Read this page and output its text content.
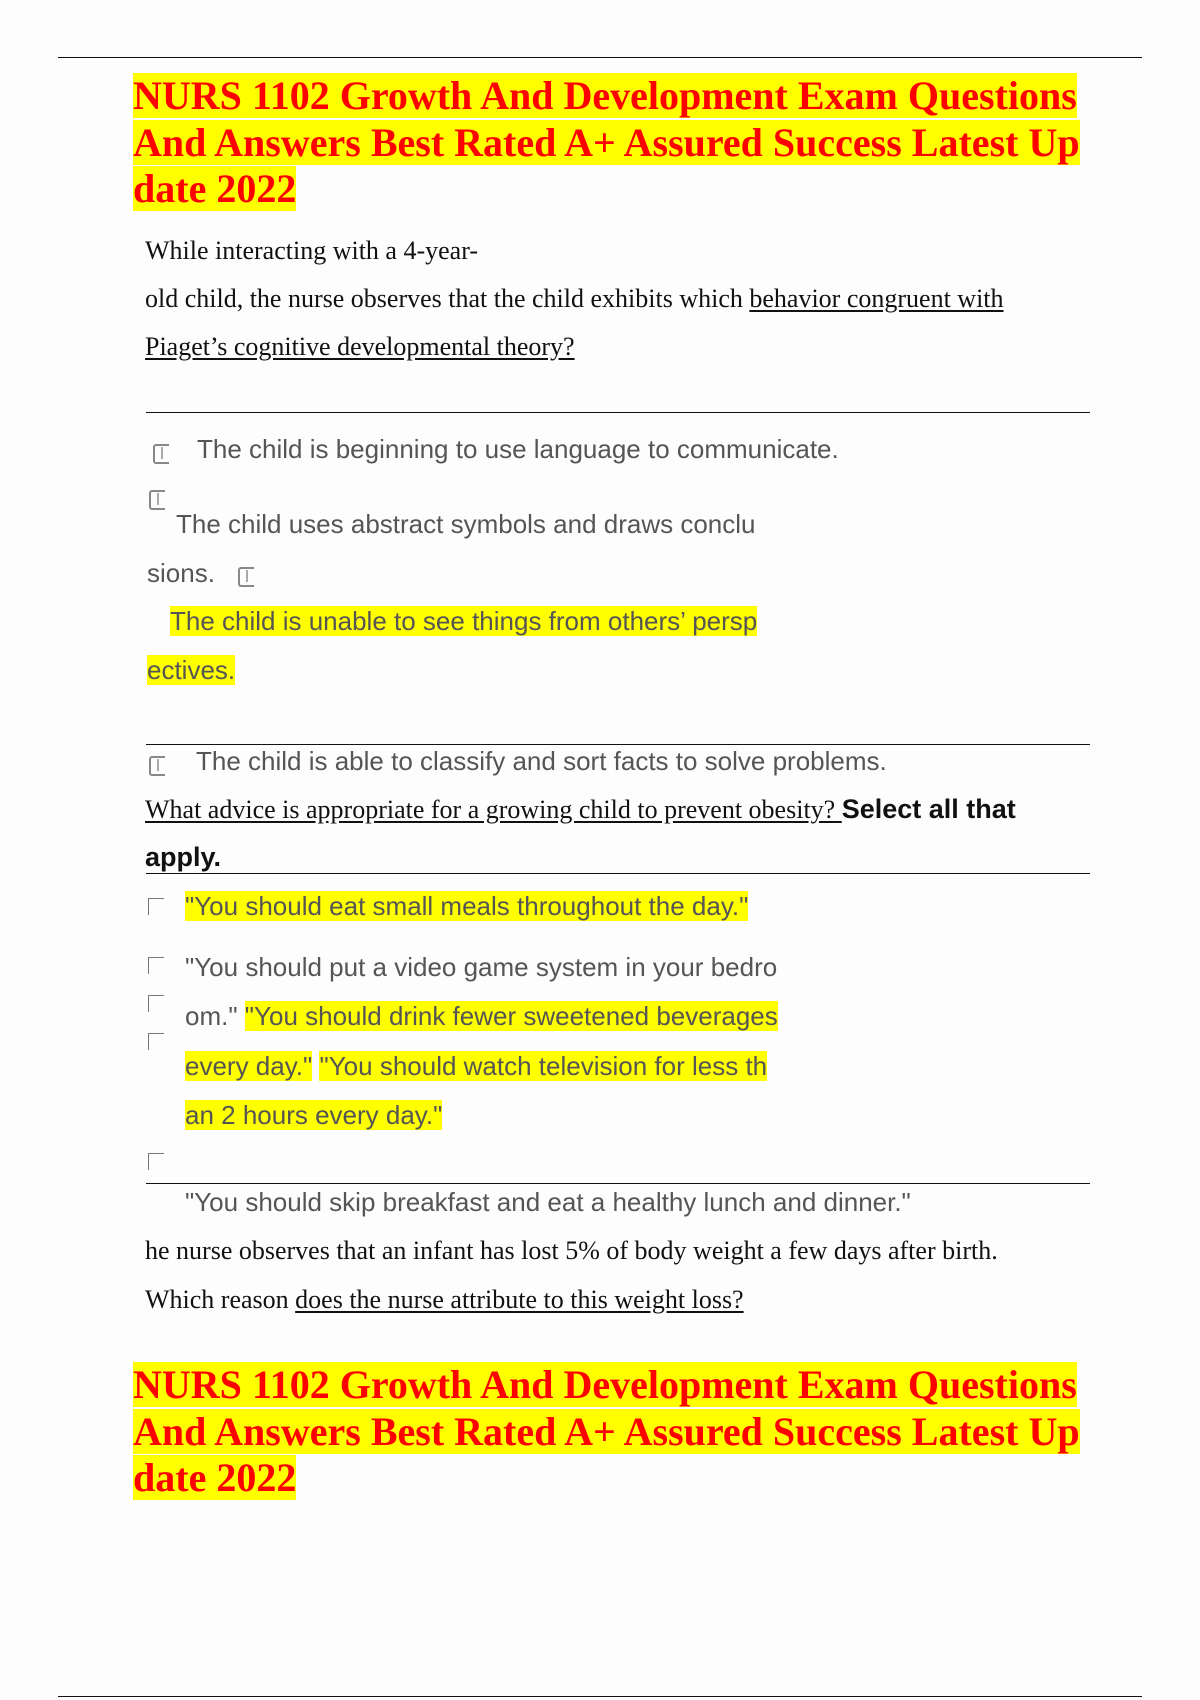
NURS 1102 Growth And Development Exam Questions
And Answers Best Rated A+ Assured Success Latest Up
date 2022
While interacting with a 4-year-
old child, the nurse observes that the child exhibits which behavior congruent with
Piaget’s cognitive developmental theory?
The child is beginning to use language to communicate.
The child uses abstract symbols and draws conclu
sions.
The child is unable to see things from others’ persp
ectives.
The child is able to classify and sort facts to solve problems.
What advice is appropriate for a growing child to prevent obesity? Select all that
apply.
"You should eat small meals throughout the day."
"You should put a video game system in your bedro
om." "You should drink fewer sweetened beverages
every day." "You should watch television for less th
an 2 hours every day."
"You should skip breakfast and eat a healthy lunch and dinner."
he nurse observes that an infant has lost 5% of body weight a few days after birth.
Which reason does the nurse attribute to this weight loss?
NURS 1102 Growth And Development Exam Questions
And Answers Best Rated A+ Assured Success Latest Up
date 2022
